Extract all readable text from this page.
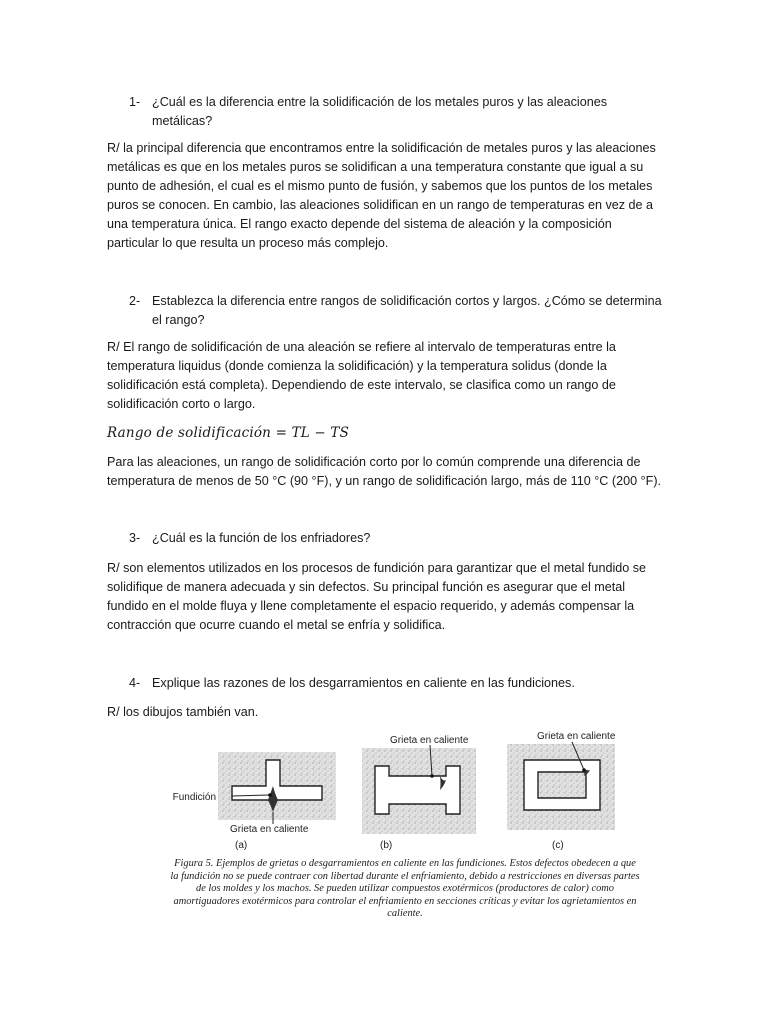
1- ¿Cuál es la diferencia entre la solidificación de los metales puros y las aleaciones metálicas?
R/ la principal diferencia que encontramos entre la solidificación de metales puros y las aleaciones metálicas es que en los metales puros se solidifican a una temperatura constante que igual a su punto de adhesión, el cual es el mismo punto de fusión, y sabemos que los puntos de los metales puros se conocen. En cambio, las aleaciones solidifican en un rango de temperaturas en vez de a una temperatura única. El rango exacto depende del sistema de aleación y la composición particular lo que resulta un proceso más complejo.
2- Establezca la diferencia entre rangos de solidificación cortos y largos. ¿Cómo se determina el rango?
R/ El rango de solidificación de una aleación se refiere al intervalo de temperaturas entre la temperatura liquidus (donde comienza la solidificación) y la temperatura solidus (donde la solidificación está completa). Dependiendo de este intervalo, se clasifica como un rango de solidificación corto o largo.
Rango de solidificación = TL − TS
Para las aleaciones, un rango de solidificación corto por lo común comprende una diferencia de temperatura de menos de 50 °C (90 °F), y un rango de solidificación largo, más de 110 °C (200 °F).
3- ¿Cuál es la función de los enfriadores?
R/ son elementos utilizados en los procesos de fundición para garantizar que el metal fundido se solidifique de manera adecuada y sin defectos. Su principal función es asegurar que el metal fundido en el molde fluya y llene completamente el espacio requerido, y además compensar la contracción que ocurre cuando el metal se enfría y solidifica.
4- Explique las razones de los desgarramientos en caliente en las fundiciones.
R/ los dibujos también van.
Fundición
Grieta en caliente
(a)
Grieta en caliente
(b)
Grieta en caliente
(c)
Figura 5. Ejemplos de grietas o desgarramientos en caliente en las fundiciones. Estos defectos obedecen a que la fundición no se puede contraer con libertad durante el enfriamiento, debido a restricciones en diversas partes de los moldes y los machos. Se pueden utilizar compuestos exotérmicos (productores de calor) como amortiguadores exotérmicos para controlar el enfriamiento en secciones críticas y evitar los agrietamientos en caliente.
